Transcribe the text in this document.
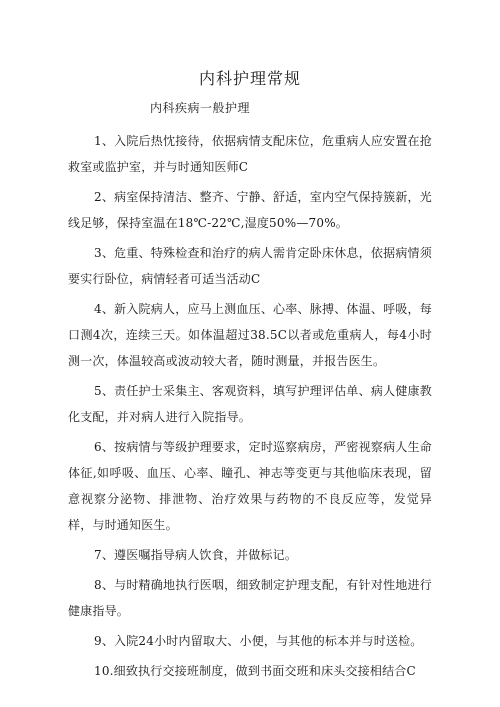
内科护理常规
内科疾病一般护理

1、入院后热忱接待，依据病情支配床位，危重病人应安置在抢救室或监护室，并与时通知医师C

2、病室保持清洁、整齐、宁静、舒适，室内空气保持簇新，光线足够，保持室温在18℃-22℃,湿度50%—70%。

3、危重、特殊检查和治疗的病人需肯定卧床休息，依据病情须要实行卧位，病情轻者可适当活动C

4、新入院病人，应马上测血压、心率、脉搏、体温、呼吸，每口测4次，连续三天。如体温超过38.5C以者或危重病人，每4小时测一次，体温较高或波动较大者，随时测量，并报告医生。

5、责任护士采集主、客观资料，填写护理评估单、病人健康教化支配，并对病人进行入院指导。

6、按病情与等级护理要求，定时巡察病房，严密视察病人生命体征,如呼吸、血压、心率、瞳孔、神志等变更与其他临床表现，留意视察分泌物、排泄物、治疗效果与药物的不良反应等，发觉异样，与时通知医生。

7、遵医嘱指导病人饮食，并做标记。

8、与时精确地执行医咽，细致制定护理支配，有针对性地进行健康指导。

9、入院24小时内留取大、小便，与其他的标本并与时送检。

10.细致执行交接班制度，做到书面交班和床头交接相结合C
